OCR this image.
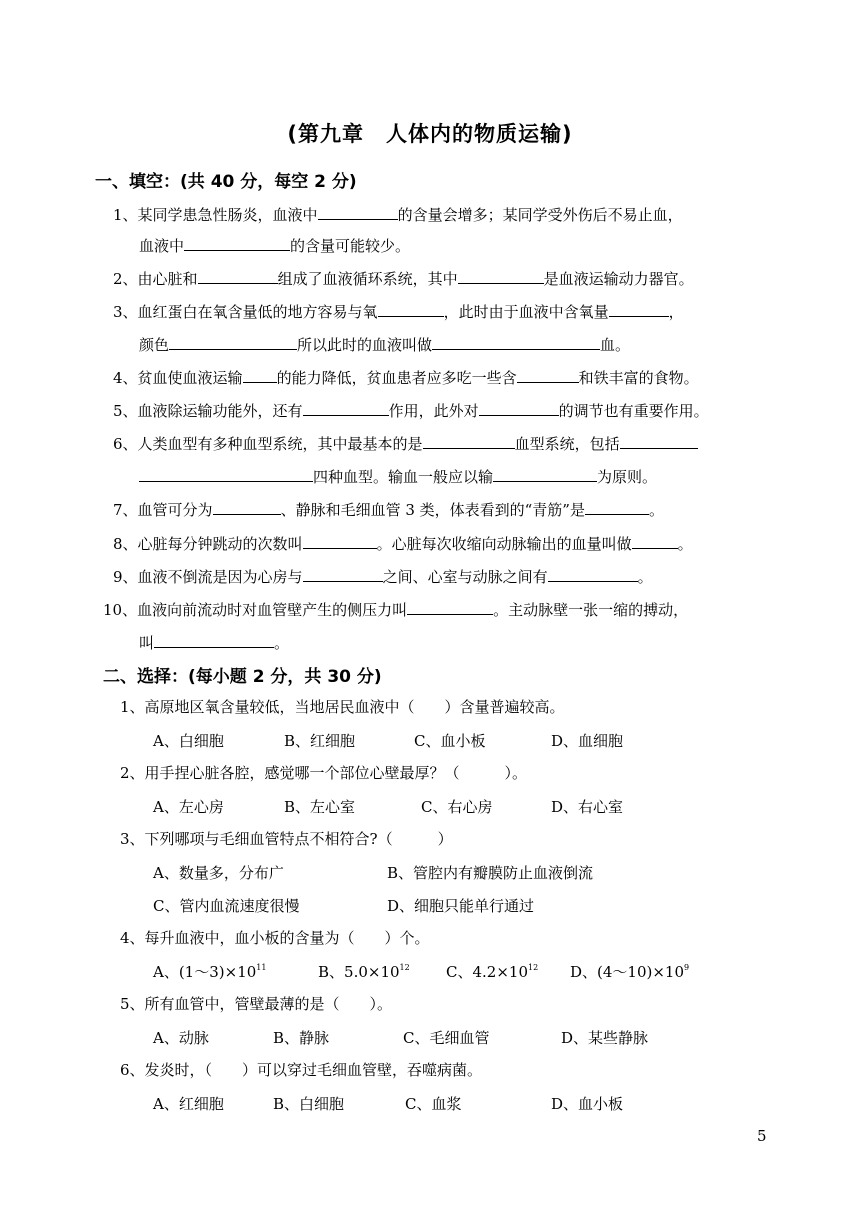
(第九章　人体内的物质运输)
一、填空：(共 40 分，每空 2 分)
1、某同学患急性肠炎，血液中	的含量会增多；某同学受外伤后不易止血，
血液中	的含量可能较少。
2、由心脏和	组成了血液循环系统，其中	是血液运输动力器官。
3、血红蛋白在氧含量低的地方容易与氧	，此时由于血液中含氧量	，
颜色	所以此时的血液叫做	血。
4、贫血使血液运输 的能力降低，贫血患者应多吃一些含	和铁丰富的食物。
5、血液除运输功能外，还有	作用，此外对	的调节也有重要作用。
6、人类血型有多种血型系统，其中最基本的是	血型系统，包括
四种血型。输血一般应以输	为原则。
7、血管可分为	、静脉和毛细血管 3 类，体表看到的“青筋”是	。
8、心脏每分钟跳动的次数叫	。心脏每次收缩向动脉输出的血量叫做	。
9、血液不倒流是因为心房与	之间、心室与动脉之间有	。
10、血液向前流动时对血管壁产生的侧压力叫	。主动脉壁一张一缩的搏动，
叫	。
二、选择：(每小题 2 分，共 30 分)
1、高原地区氧含量较低，当地居民血液中（　　）含量普遍较高。
A、白细胞	B、红细胞	C、血小板	D、血细胞
2、用手捏心脏各腔，感觉哪一个部位心壁最厚？（　　　）。
A、左心房	B、左心室	C、右心房	D、右心室
3、下列哪项与毛细血管特点不相符合?（　　　）
A、数量多，分布广	B、管腔内有瓣膜防止血液倒流
C、管内血流速度很慢	D、细胞只能单行通过
4、每升血液中，血小板的含量为（　　）个。
A、$(1\sim 3)\times 10^{11}$	B、$5.0\times 10^{12}$ C、$4.2\times 10^{12}$ D、$(4\sim 10)\times 10^9$
5、所有血管中，管壁最薄的是（　　）。
A、动脉	B、静脉	C、毛细血管	D、某些静脉
6、发炎时，（　　）可以穿过毛细血管壁，吞噬病菌。
A、红细胞	B、白细胞	C、血浆	D、血小板
5
